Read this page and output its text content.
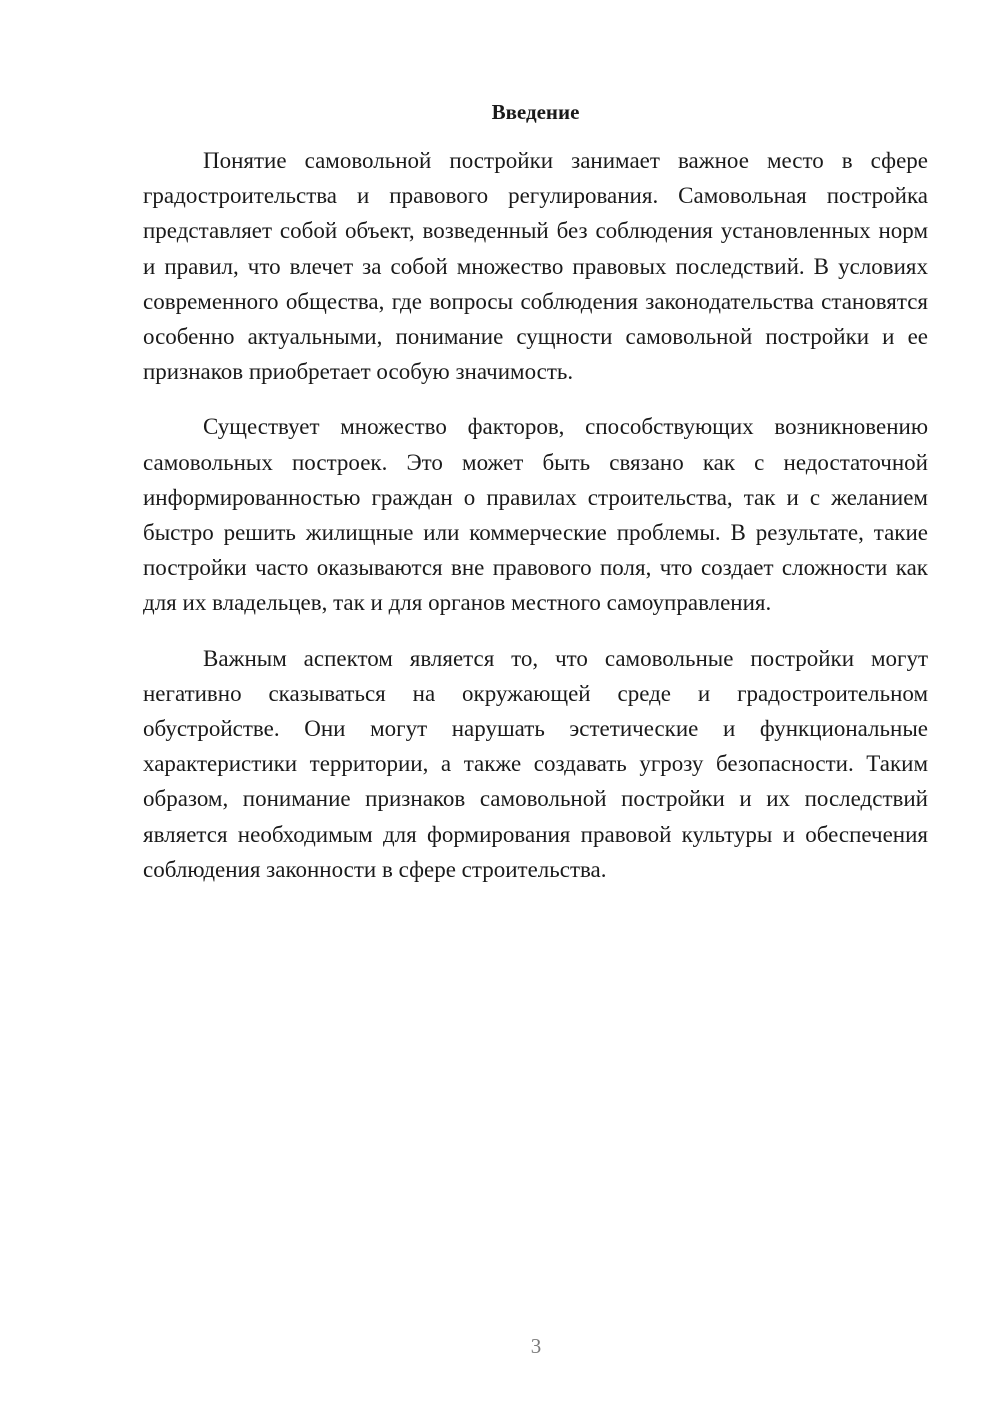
Введение

Понятие самовольной постройки занимает важное место в сфере градостроительства и правового регулирования. Самовольная постройка представляет собой объект, возведенный без соблюдения установленных норм и правил, что влечет за собой множество правовых последствий. В условиях современного общества, где вопросы соблюдения законодательства становятся особенно актуальными, понимание сущности самовольной постройки и ее признаков приобретает особую значимость.

Существует множество факторов, способствующих возникновению самовольных построек. Это может быть связано как с недостаточной информированностью граждан о правилах строительства, так и с желанием быстро решить жилищные или коммерческие проблемы. В результате, такие постройки часто оказываются вне правового поля, что создает сложности как для их владельцев, так и для органов местного самоуправления.

Важным аспектом является то, что самовольные постройки могут негативно сказываться на окружающей среде и градостроительном обустройстве. Они могут нарушать эстетические и функциональные характеристики территории, а также создавать угрозу безопасности. Таким образом, понимание признаков самовольной постройки и их последствий является необходимым для формирования правовой культуры и обеспечения соблюдения законности в сфере строительства.

3
